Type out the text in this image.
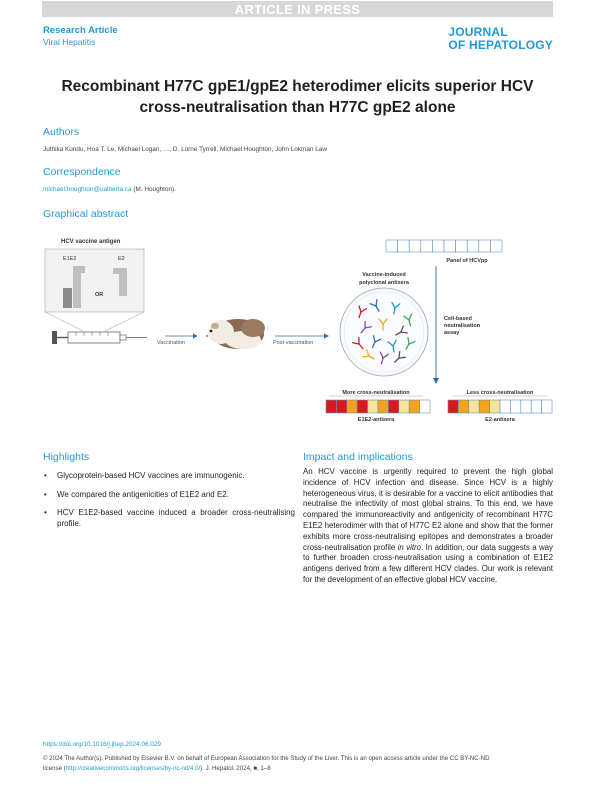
ARTICLE IN PRESS
Research Article
Viral Hepatitis
JOURNAL
OF HEPATOLOGY
Recombinant H77C gpE1/gpE2 heterodimer elicits superior HCV
cross-neutralisation than H77C gpE2 alone
Authors
Juthika Kundu, Hoa T. Le, Michael Logan, …, D. Lorne Tyrrell, Michael Houghton, John Lokman Law
Correspondence
michael.houghton@ualberta.ca (M. Houghton).
Graphical abstract
HCV vaccine antigen
E1E2	E2
OR
Vaccination	Post-vaccination
Vaccine-induced
polyclonal antisera
Panel of HCVpp
Cell-based
neutralisation
assay
More cross-neutralisation	Less cross-neutralisation
E1E2-antisera	E2-antisera
Highlights
• Glycoprotein-based HCV vaccines are immunogenic.
• We compared the antigenicities of E1E2 and E2.
• HCV E1E2-based vaccine induced a broader cross-neutralising profile.
Impact and implications

An HCV vaccine is urgently required to prevent the high global incidence of HCV infection and disease. Since HCV is a highly heterogeneous virus, it is desirable for a vaccine to elicit antibodies that neutralise the infectivity of most global strains. To this end, we have compared the immunoreactivity and antigenicity of recombinant H77C E1E2 heterodimer with that of H77C E2 alone and show that the former exhibits more cross-neutralising epitopes and demonstrates a broader cross-neutralisation profile in vitro. In addition, our data suggests a way to further broaden cross-neutralisation using a combination of E1E2 antigens derived from a few different HCV clades. Our work is relevant for the development of an effective global HCV vaccine.

https://doi.org/10.1016/j.jhep.2024.06.029
© 2024 The Author(s). Published by Elsevier B.V. on behalf of European Association for the Study of the Liver. This is an open access article under the CC BY-NC-ND
license (http://creativecommons.org/licenses/by-nc-nd/4.0/). J. Hepatol. 2024, ■, 1–8
